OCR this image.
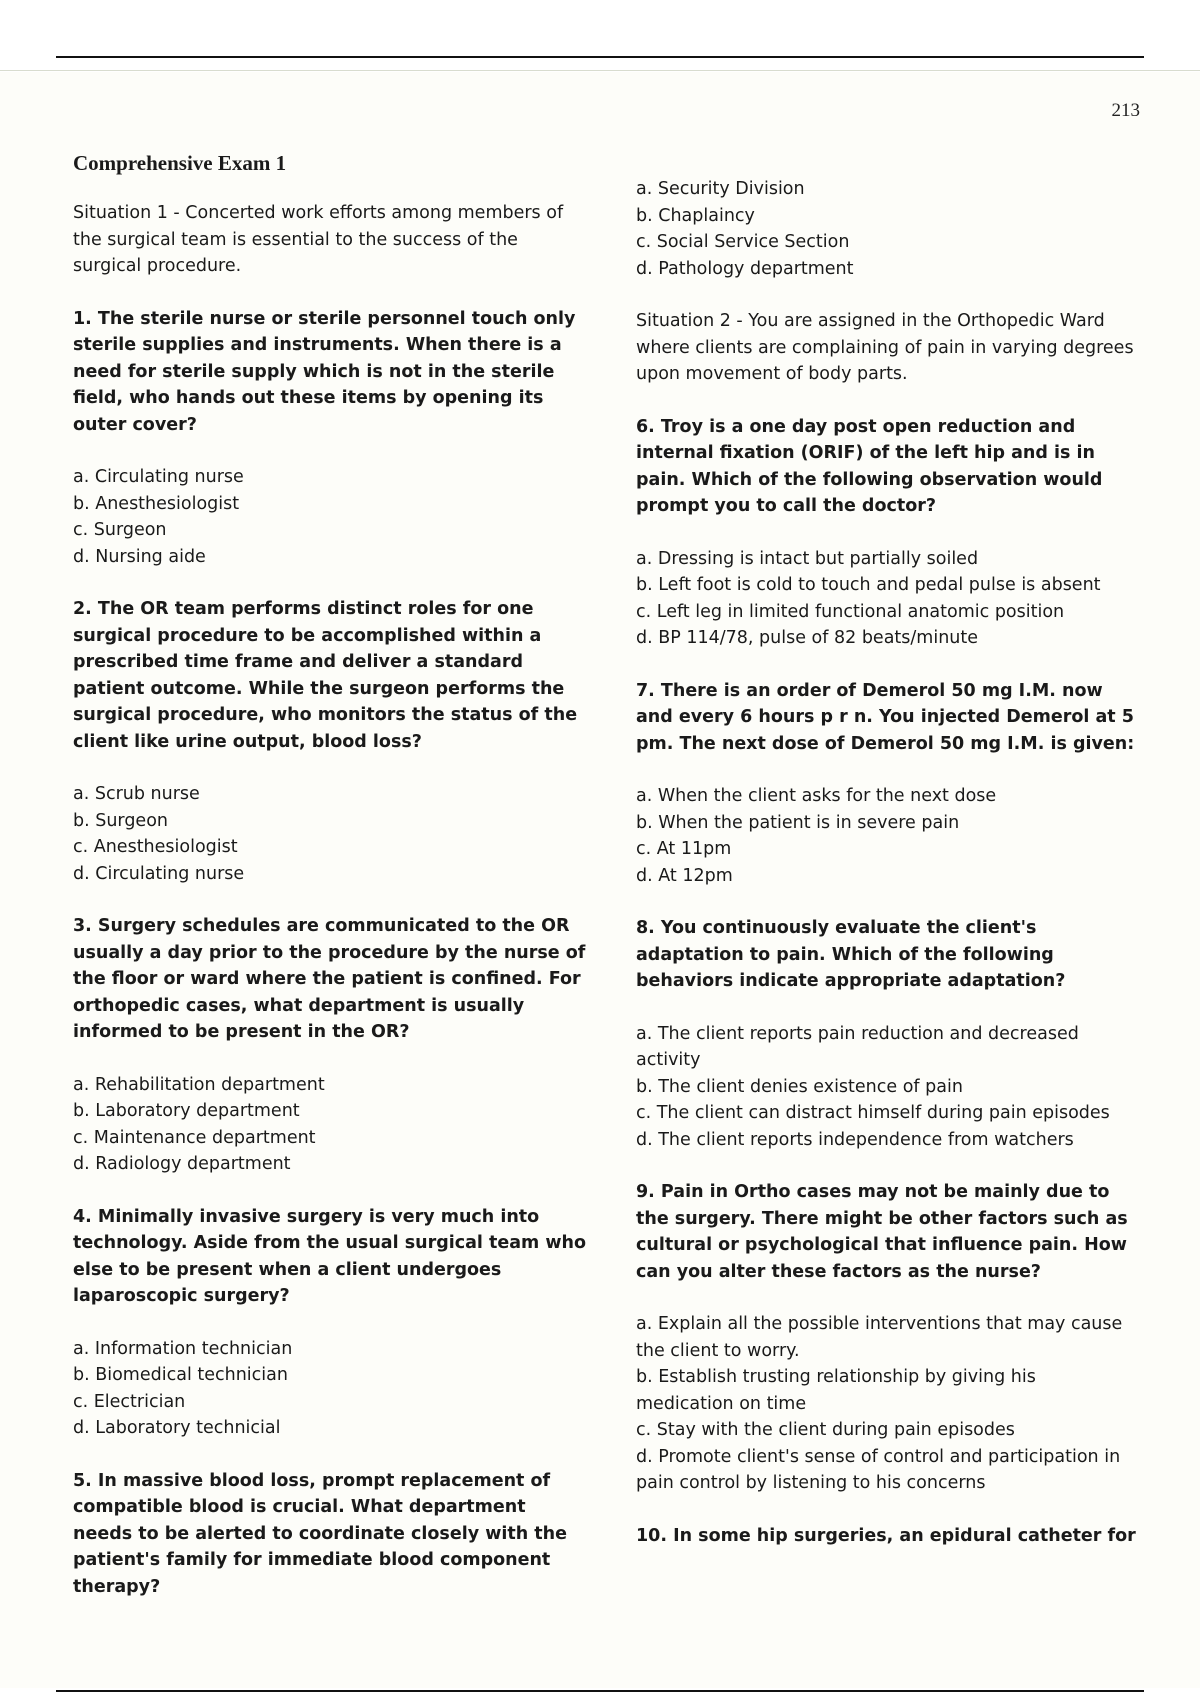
213
Comprehensive Exam 1

Situation 1 - Concerted work efforts among members of the surgical team is essential to the success of the surgical procedure.

1. The sterile nurse or sterile personnel touch only sterile supplies and instruments. When there is a need for sterile supply which is not in the sterile field, who hands out these items by opening its outer cover?

a. Circulating nurse
b. Anesthesiologist
c. Surgeon
d. Nursing aide

2. The OR team performs distinct roles for one surgical procedure to be accomplished within a prescribed time frame and deliver a standard patient outcome. While the surgeon performs the surgical procedure, who monitors the status of the client like urine output, blood loss?

a. Scrub nurse
b. Surgeon
c. Anesthesiologist
d. Circulating nurse

3. Surgery schedules are communicated to the OR usually a day prior to the procedure by the nurse of the floor or ward where the patient is confined. For orthopedic cases, what department is usually informed to be present in the OR?

a. Rehabilitation department
b. Laboratory department
c. Maintenance department
d. Radiology department

4. Minimally invasive surgery is very much into technology. Aside from the usual surgical team who else to be present when a client undergoes laparoscopic surgery?

a. Information technician
b. Biomedical technician
c. Electrician
d. Laboratory technicial

5. In massive blood loss, prompt replacement of compatible blood is crucial. What department needs to be alerted to coordinate closely with the patient's family for immediate blood component therapy?

a. Security Division
b. Chaplaincy
c. Social Service Section
d. Pathology department

Situation 2 - You are assigned in the Orthopedic Ward where clients are complaining of pain in varying degrees upon movement of body parts.

6. Troy is a one day post open reduction and internal fixation (ORIF) of the left hip and is in pain. Which of the following observation would prompt you to call the doctor?

a. Dressing is intact but partially soiled
b. Left foot is cold to touch and pedal pulse is absent
c. Left leg in limited functional anatomic position
d. BP 114/78, pulse of 82 beats/minute

7. There is an order of Demerol 50 mg I.M. now and every 6 hours p r n. You injected Demerol at 5 pm. The next dose of Demerol 50 mg I.M. is given:

a. When the client asks for the next dose
b. When the patient is in severe pain
c. At 11pm
d. At 12pm

8. You continuously evaluate the client's adaptation to pain. Which of the following behaviors indicate appropriate adaptation?

a. The client reports pain reduction and decreased activity
b. The client denies existence of pain
c. The client can distract himself during pain episodes
d. The client reports independence from watchers

9. Pain in Ortho cases may not be mainly due to the surgery. There might be other factors such as cultural or psychological that influence pain. How can you alter these factors as the nurse?

a. Explain all the possible interventions that may cause the client to worry.
b. Establish trusting relationship by giving his medication on time
c. Stay with the client during pain episodes
d. Promote client's sense of control and participation in pain control by listening to his concerns

10. In some hip surgeries, an epidural catheter for
